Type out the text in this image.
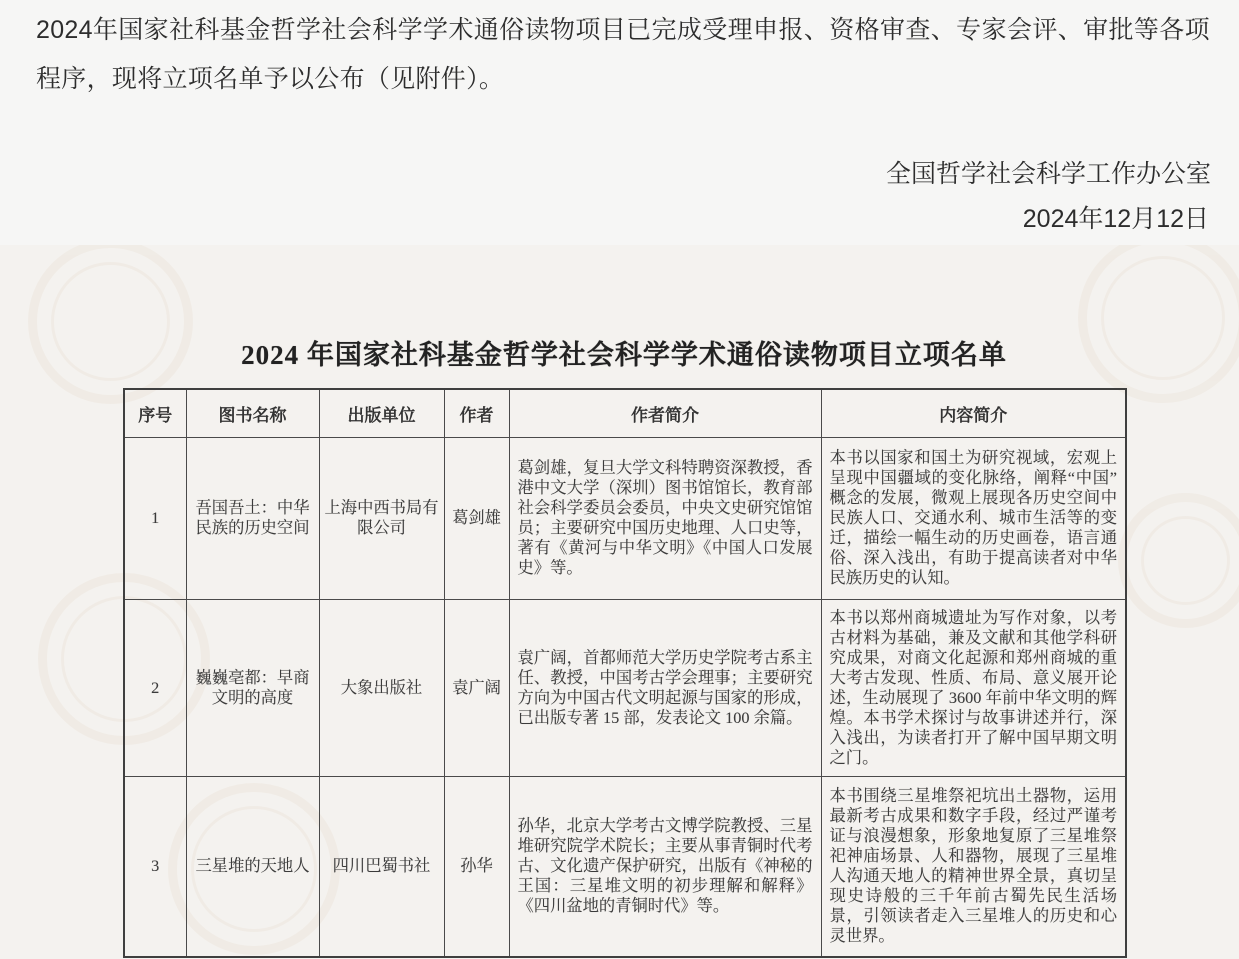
2024年国家社科基金哲学社会科学学术通俗读物项目已完成受理申报、资格审查、专家会评、审批等各项程序，现将立项名单予以公布（见附件）。
全国哲学社会科学工作办公室
2024年12月12日
2024 年国家社科基金哲学社会科学学术通俗读物项目立项名单
序号	图书名称	出版单位	作者	作者简介	内容简介
1	吾国吾土：中华民族的历史空间	上海中西书局有限公司	葛剑雄	葛剑雄，复旦大学文科特聘资深教授，香港中文大学（深圳）图书馆馆长，教育部社会科学委员会委员，中央文史研究馆馆员；主要研究中国历史地理、人口史等，著有《黄河与中华文明》《中国人口发展史》等。	本书以国家和国土为研究视域，宏观上呈现中国疆域的变化脉络，阐释“中国”概念的发展，微观上展现各历史空间中民族人口、交通水利、城市生活等的变迁，描绘一幅生动的历史画卷，语言通俗、深入浅出，有助于提高读者对中华民族历史的认知。
2	巍巍亳都：早商文明的高度	大象出版社	袁广阔	袁广阔，首都师范大学历史学院考古系主任、教授，中国考古学会理事；主要研究方向为中国古代文明起源与国家的形成，已出版专著 15 部，发表论文 100 余篇。	本书以郑州商城遗址为写作对象，以考古材料为基础，兼及文献和其他学科研究成果，对商文化起源和郑州商城的重大考古发现、性质、布局、意义展开论述，生动展现了 3600 年前中华文明的辉煌。本书学术探讨与故事讲述并行，深入浅出，为读者打开了解中国早期文明之门。
3	三星堆的天地人	四川巴蜀书社	孙华	孙华，北京大学考古文博学院教授、三星堆研究院学术院长；主要从事青铜时代考古、文化遗产保护研究，出版有《神秘的王国：三星堆文明的初步理解和解释》《四川盆地的青铜时代》等。	本书围绕三星堆祭祀坑出土器物，运用最新考古成果和数字手段，经过严谨考证与浪漫想象，形象地复原了三星堆祭祀神庙场景、人和器物，展现了三星堆人沟通天地人的精神世界全景，真切呈现史诗般的三千年前古蜀先民生活场景，引领读者走入三星堆人的历史和心灵世界。
